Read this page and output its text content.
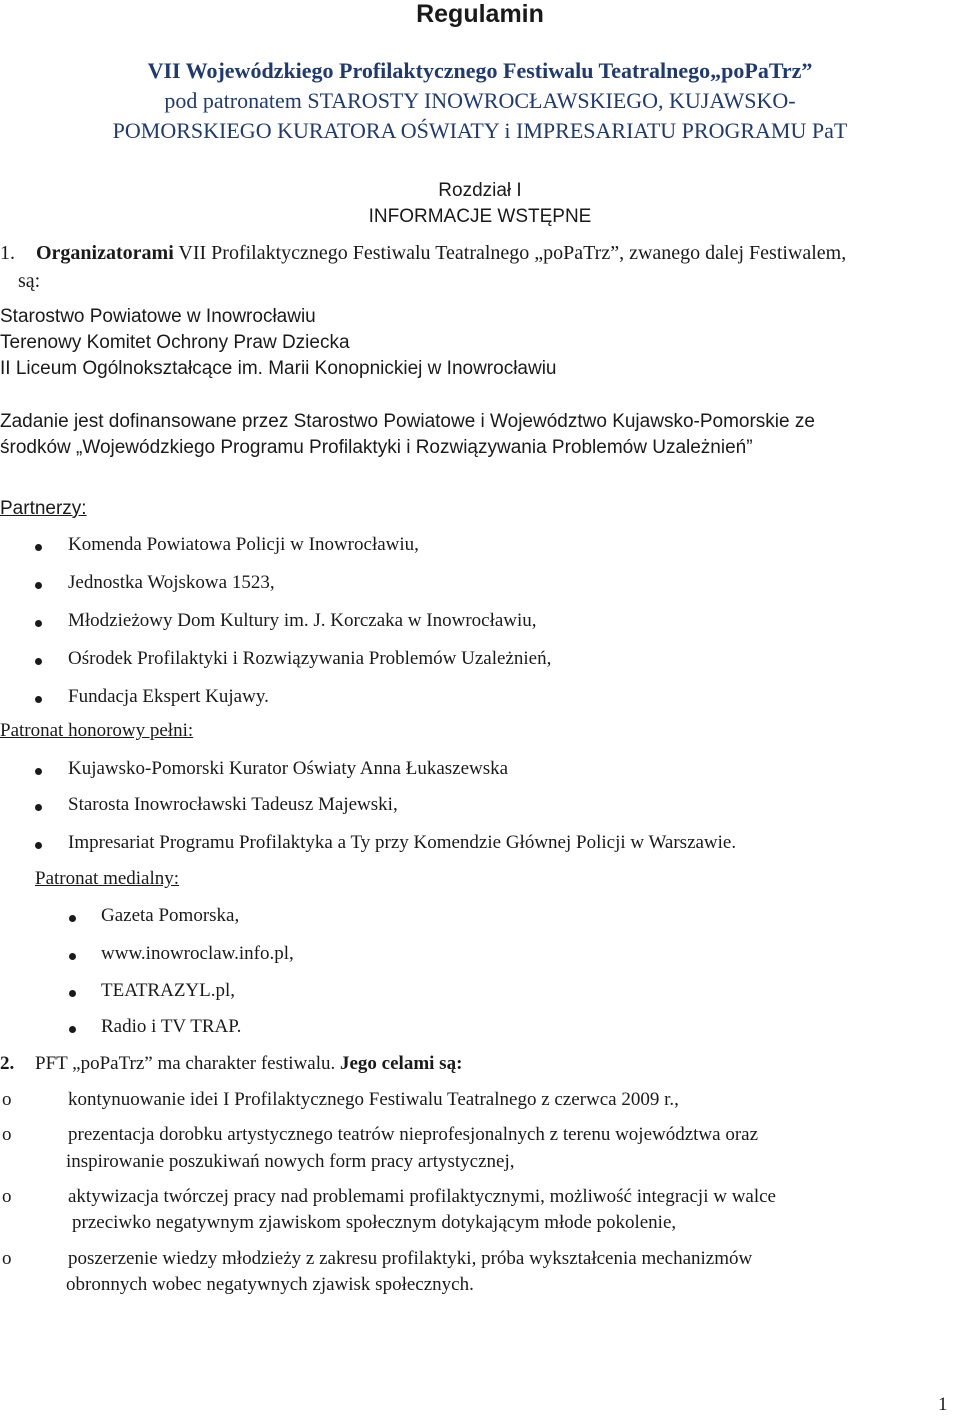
Regulamin
VII Wojewódzkiego Profilaktycznego Festiwalu Teatralnego„poPaTrz”
pod patronatem STAROSTY INOWROCŁAWSKIEGO, KUJAWSKO-
POMORSKIEGO KURATORA OŚWIATY i IMPRESARIATU PROGRAMU PaT
Rozdział I
INFORMACJE WSTĘPNE
1. Organizatorami VII Profilaktycznego Festiwalu Teatralnego „poPaTrz”, zwanego dalej Festiwalem,
są:
Starostwo Powiatowe w Inowrocławiu
Terenowy Komitet Ochrony Praw Dziecka
II Liceum Ogólnokształcące im. Marii Konopnickiej w Inowrocławiu
Zadanie jest dofinansowane przez Starostwo Powiatowe i Województwo Kujawsko-Pomorskie ze
środków „Wojewódzkiego Programu Profilaktyki i Rozwiązywania Problemów Uzależnień”
Partnerzy:
Komenda Powiatowa Policji w Inowrocławiu,
Jednostka Wojskowa 1523,
Młodzieżowy Dom Kultury im. J. Korczaka w Inowrocławiu,
Ośrodek Profilaktyki i Rozwiązywania Problemów Uzależnień,
Fundacja Ekspert Kujawy.
Patronat honorowy pełni:
Kujawsko-Pomorski Kurator Oświaty Anna Łukaszewska
Starosta Inowrocławski Tadeusz Majewski,
Impresariat Programu Profilaktyka a Ty przy Komendzie Głównej Policji w Warszawie.
Patronat medialny:
Gazeta Pomorska,
www.inowroclaw.info.pl,
TEATRAZYL.pl,
Radio i TV TRAP.
2. PFT „poPaTrz” ma charakter festiwalu. Jego celami są:
o	kontynuowanie idei I Profilaktycznego Festiwalu Teatralnego z czerwca 2009 r.,
o	prezentacja dorobku artystycznego teatrów nieprofesjonalnych z terenu województwa oraz
inspirowanie poszukiwań nowych form pracy artystycznej,
o	aktywizacja twórczej pracy nad problemami profilaktycznymi, możliwość integracji w walce
przeciwko negatywnym zjawiskom społecznym dotykającym młode pokolenie,
o	poszerzenie wiedzy młodzieży z zakresu profilaktyki, próba wykształcenia mechanizmów
obronnych wobec negatywnych zjawisk społecznych.
1
